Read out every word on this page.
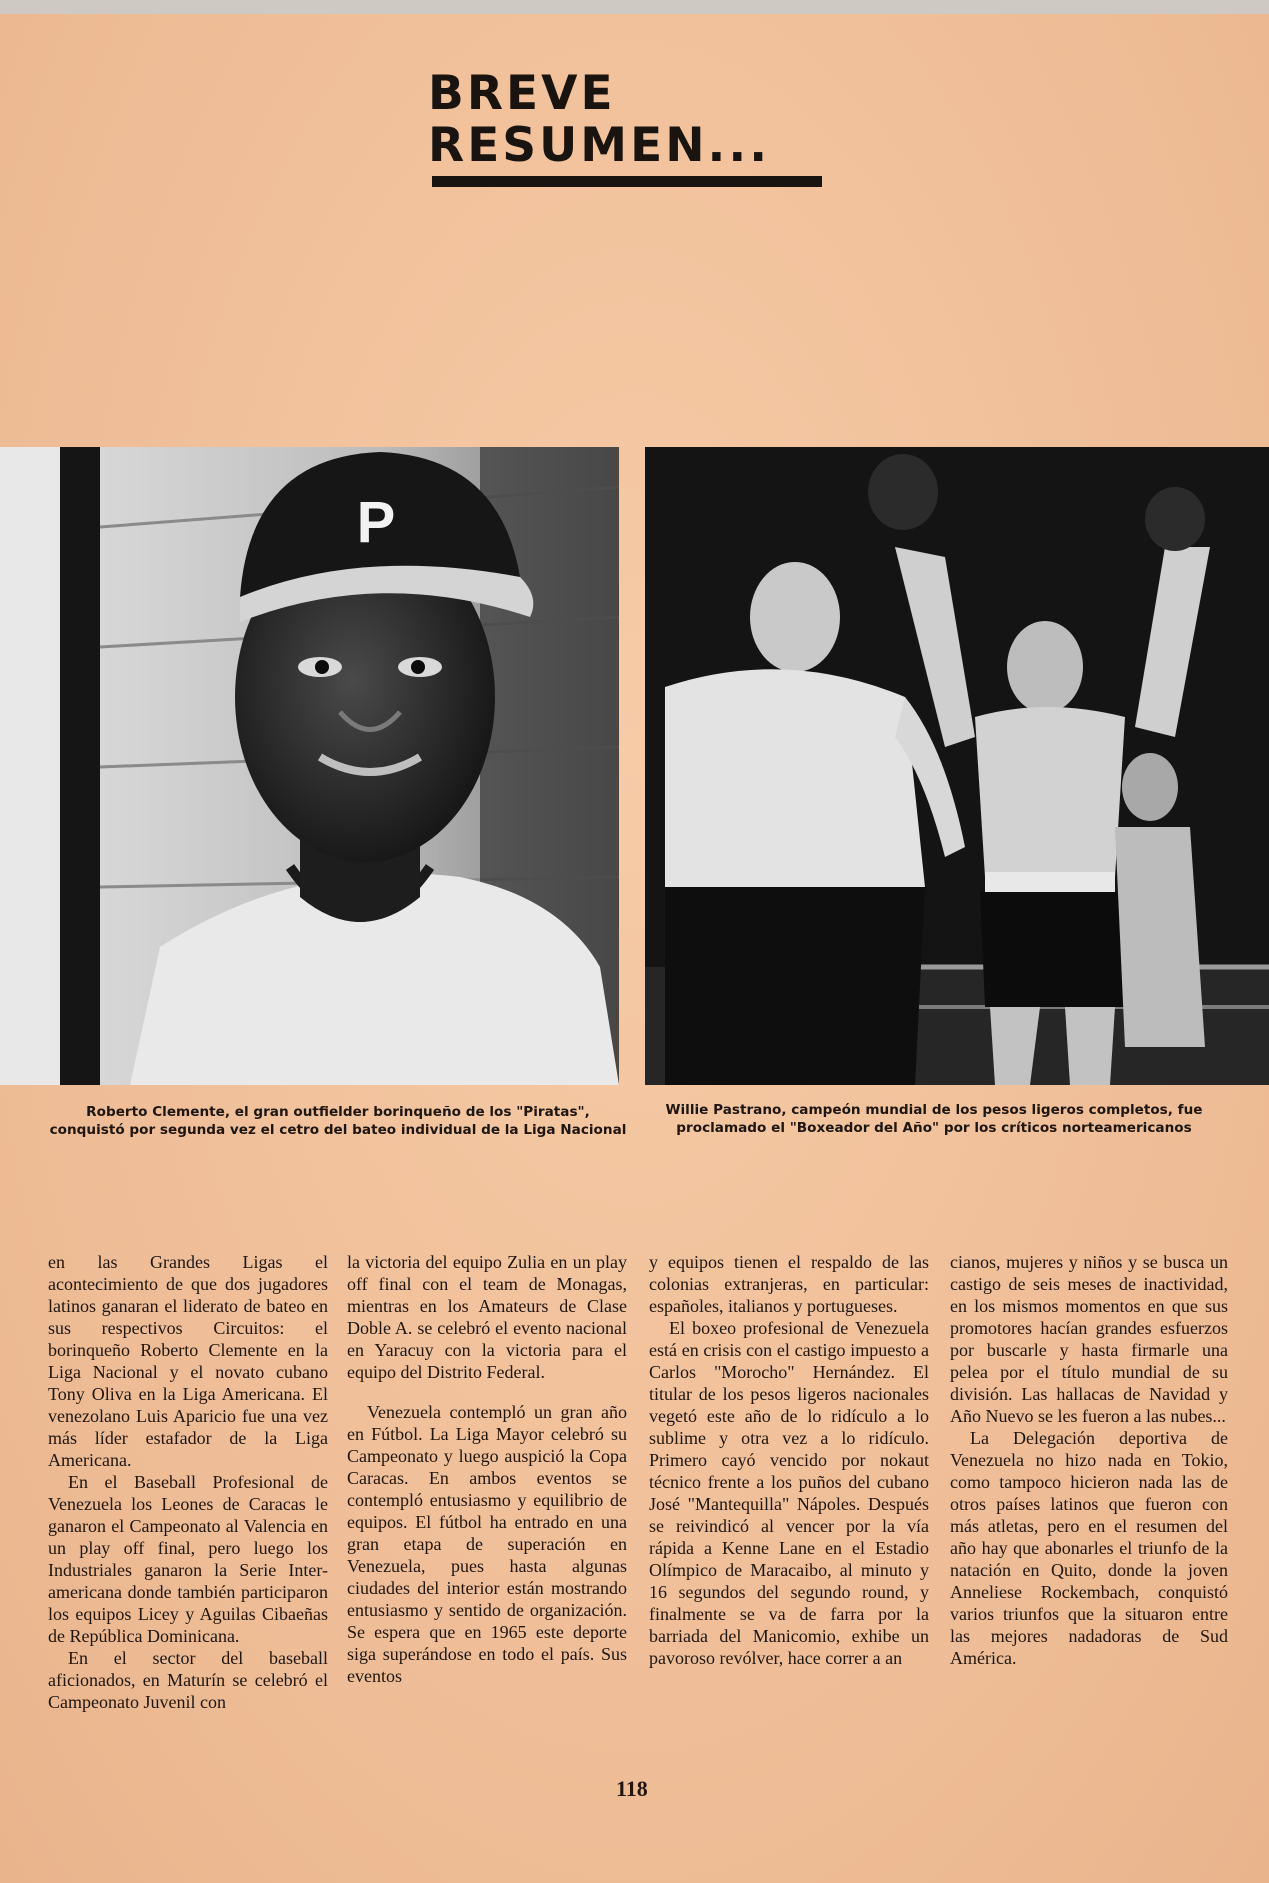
BREVE
RESUMEN...
P
Roberto Clemente, el gran outfielder borinqueño de los "Piratas", conquistó por segunda vez el cetro del bateo individual de la Liga Nacional
Willie Pastrano, campeón mundial de los pesos ligeros completos, fue proclamado el "Boxeador del Año" por los críticos norteamericanos

en las Grandes Ligas el acontecimiento de que dos jugadores latinos ganaran el liderato de bateo en sus respectivos Circuitos: el borinqueño Roberto Clemente en la Liga Nacional y el novato cubano Tony Oliva en la Liga Americana. El venezolano Luis Aparicio fue una vez más líder estafador de la Liga Americana.

En el Baseball Profesional de Venezuela los Leones de Caracas le ganaron el Campeonato al Valencia en un play off final, pero luego los Industriales ganaron la Serie Inter-americana donde también participaron los equipos Licey y Aguilas Cibaeñas de República Dominicana.

En el sector del baseball aficionados, en Maturín se celebró el Campeonato Juvenil con

la victoria del equipo Zulia en un play off final con el team de Monagas, mientras en los Amateurs de Clase Doble A. se celebró el evento nacional en Yaracuy con la victoria para el equipo del Distrito Federal.

Venezuela contempló un gran año en Fútbol. La Liga Mayor celebró su Campeonato y luego auspició la Copa Caracas. En ambos eventos se contempló entusiasmo y equilibrio de equipos. El fútbol ha entrado en una gran etapa de superación en Venezuela, pues hasta algunas ciudades del interior están mostrando entusiasmo y sentido de organización. Se espera que en 1965 este deporte siga superándose en todo el país. Sus eventos

y equipos tienen el respaldo de las colonias extranjeras, en particular: españoles, italianos y portugueses.

El boxeo profesional de Venezuela está en crisis con el castigo impuesto a Carlos "Morocho" Hernández. El titular de los pesos ligeros nacionales vegetó este año de lo ridículo a lo sublime y otra vez a lo ridículo. Primero cayó vencido por nokaut técnico frente a los puños del cubano José "Mantequilla" Nápoles. Después se reivindicó al vencer por la vía rápida a Kenne Lane en el Estadio Olímpico de Maracaibo, al minuto y 16 segundos del segundo round, y finalmente se va de farra por la barriada del Manicomio, exhibe un pavoroso revólver, hace correr a an

cianos, mujeres y niños y se busca un castigo de seis meses de inactividad, en los mismos momentos en que sus promotores hacían grandes esfuerzos por buscarle y hasta firmarle una pelea por el título mundial de su división. Las hallacas de Navidad y Año Nuevo se les fueron a las nubes...

La Delegación deportiva de Venezuela no hizo nada en Tokio, como tampoco hicieron nada las de otros países latinos que fueron con más atletas, pero en el resumen del año hay que abonarles el triunfo de la natación en Quito, donde la joven Anneliese Rockembach, conquistó varios triunfos que la situaron entre las mejores nadadoras de Sud América.

118
